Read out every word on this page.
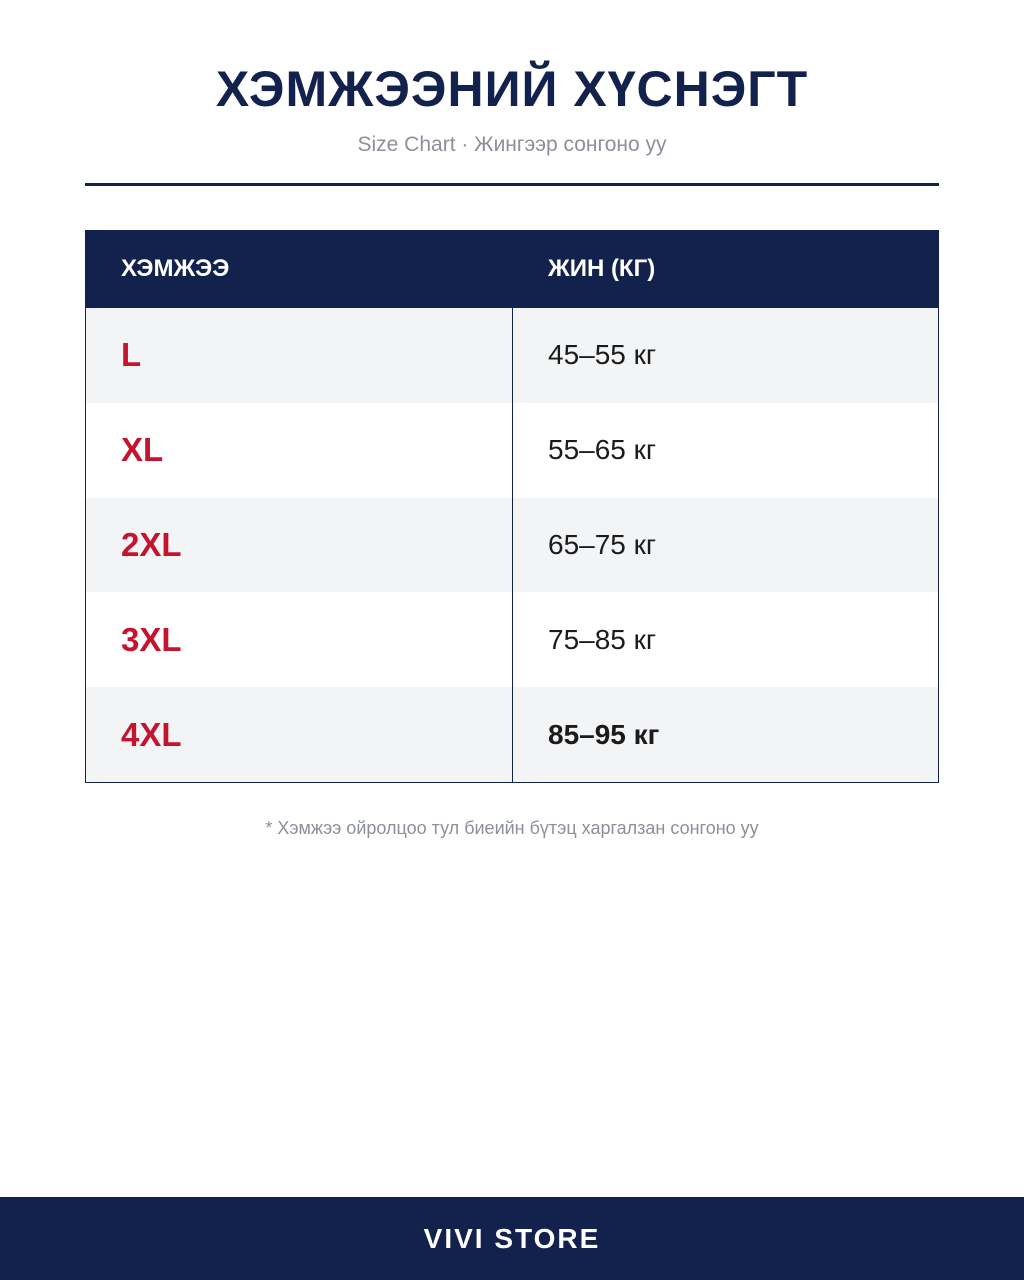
ХЭМЖЭЭНИЙ ХҮСНЭГТ
Size Chart · Жингээр сонгоно уу
ХЭМЖЭЭ	ЖИН (КГ)
L	45–55 кг
XL	55–65 кг
2XL	65–75 кг
3XL	75–85 кг
4XL	85–95 кг
* Хэмжээ ойролцоо тул биеийн бүтэц харгалзан сонгоно уу
VIVI STORE
